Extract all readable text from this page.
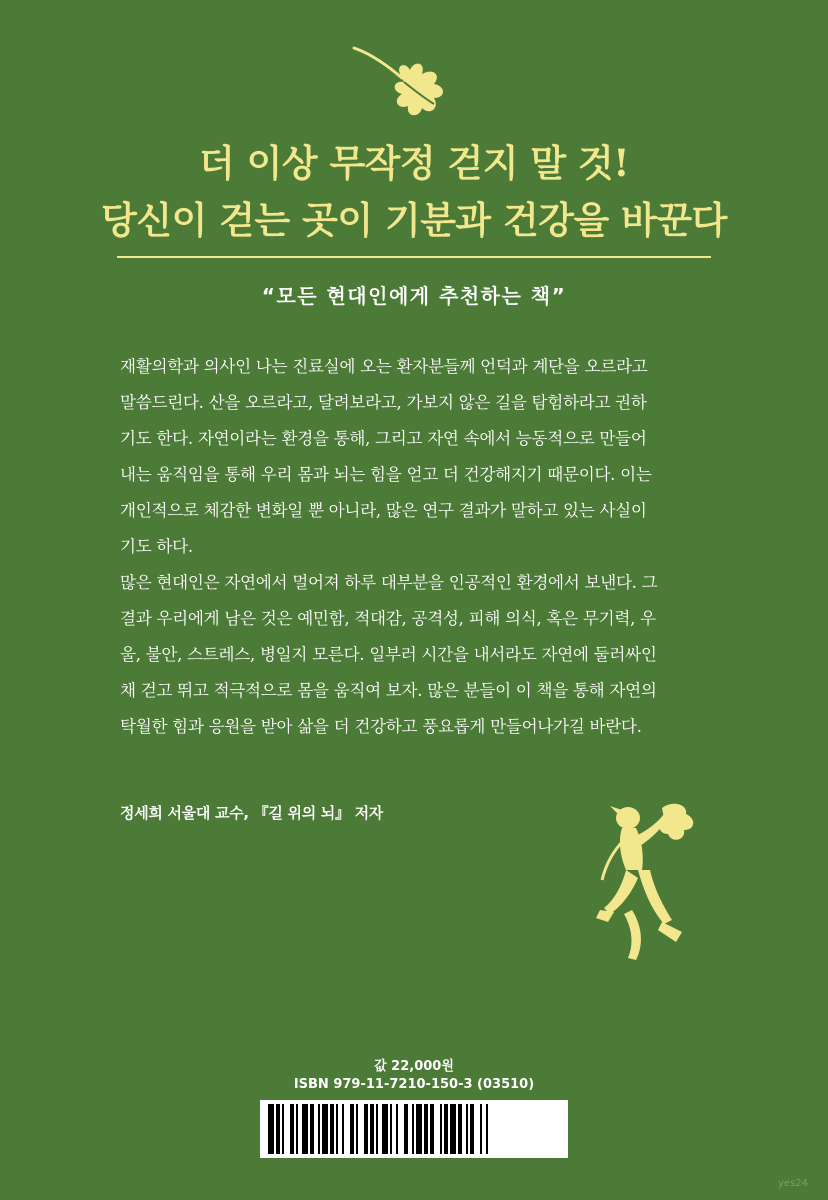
더 이상 무작정 걷지 말 것!
당신이 걷는 곳이 기분과 건강을 바꾼다
“모든 현대인에게 추천하는 책”
재활의학과 의사인 나는 진료실에 오는 환자분들께 언덕과 계단을 오르라고
말씀드린다. 산을 오르라고, 달려보라고, 가보지 않은 길을 탐험하라고 권하
기도 한다. 자연이라는 환경을 통해, 그리고 자연 속에서 능동적으로 만들어
내는 움직임을 통해 우리 몸과 뇌는 힘을 얻고 더 건강해지기 때문이다. 이는
개인적으로 체감한 변화일 뿐 아니라, 많은 연구 결과가 말하고 있는 사실이
기도 하다.
많은 현대인은 자연에서 멀어져 하루 대부분을 인공적인 환경에서 보낸다. 그
결과 우리에게 남은 것은 예민함, 적대감, 공격성, 피해 의식, 혹은 무기력, 우
울, 불안, 스트레스, 병일지 모른다. 일부러 시간을 내서라도 자연에 둘러싸인
채 걷고 뛰고 적극적으로 몸을 움직여 보자. 많은 분들이 이 책을 통해 자연의
탁월한 힘과 응원을 받아 삶을 더 건강하고 풍요롭게 만들어나가길 바란다.
정세희 서울대 교수, 『길 위의 뇌』 저자
값 22,000원
ISBN 979-11-7210-150-3 (03510)
yes24
